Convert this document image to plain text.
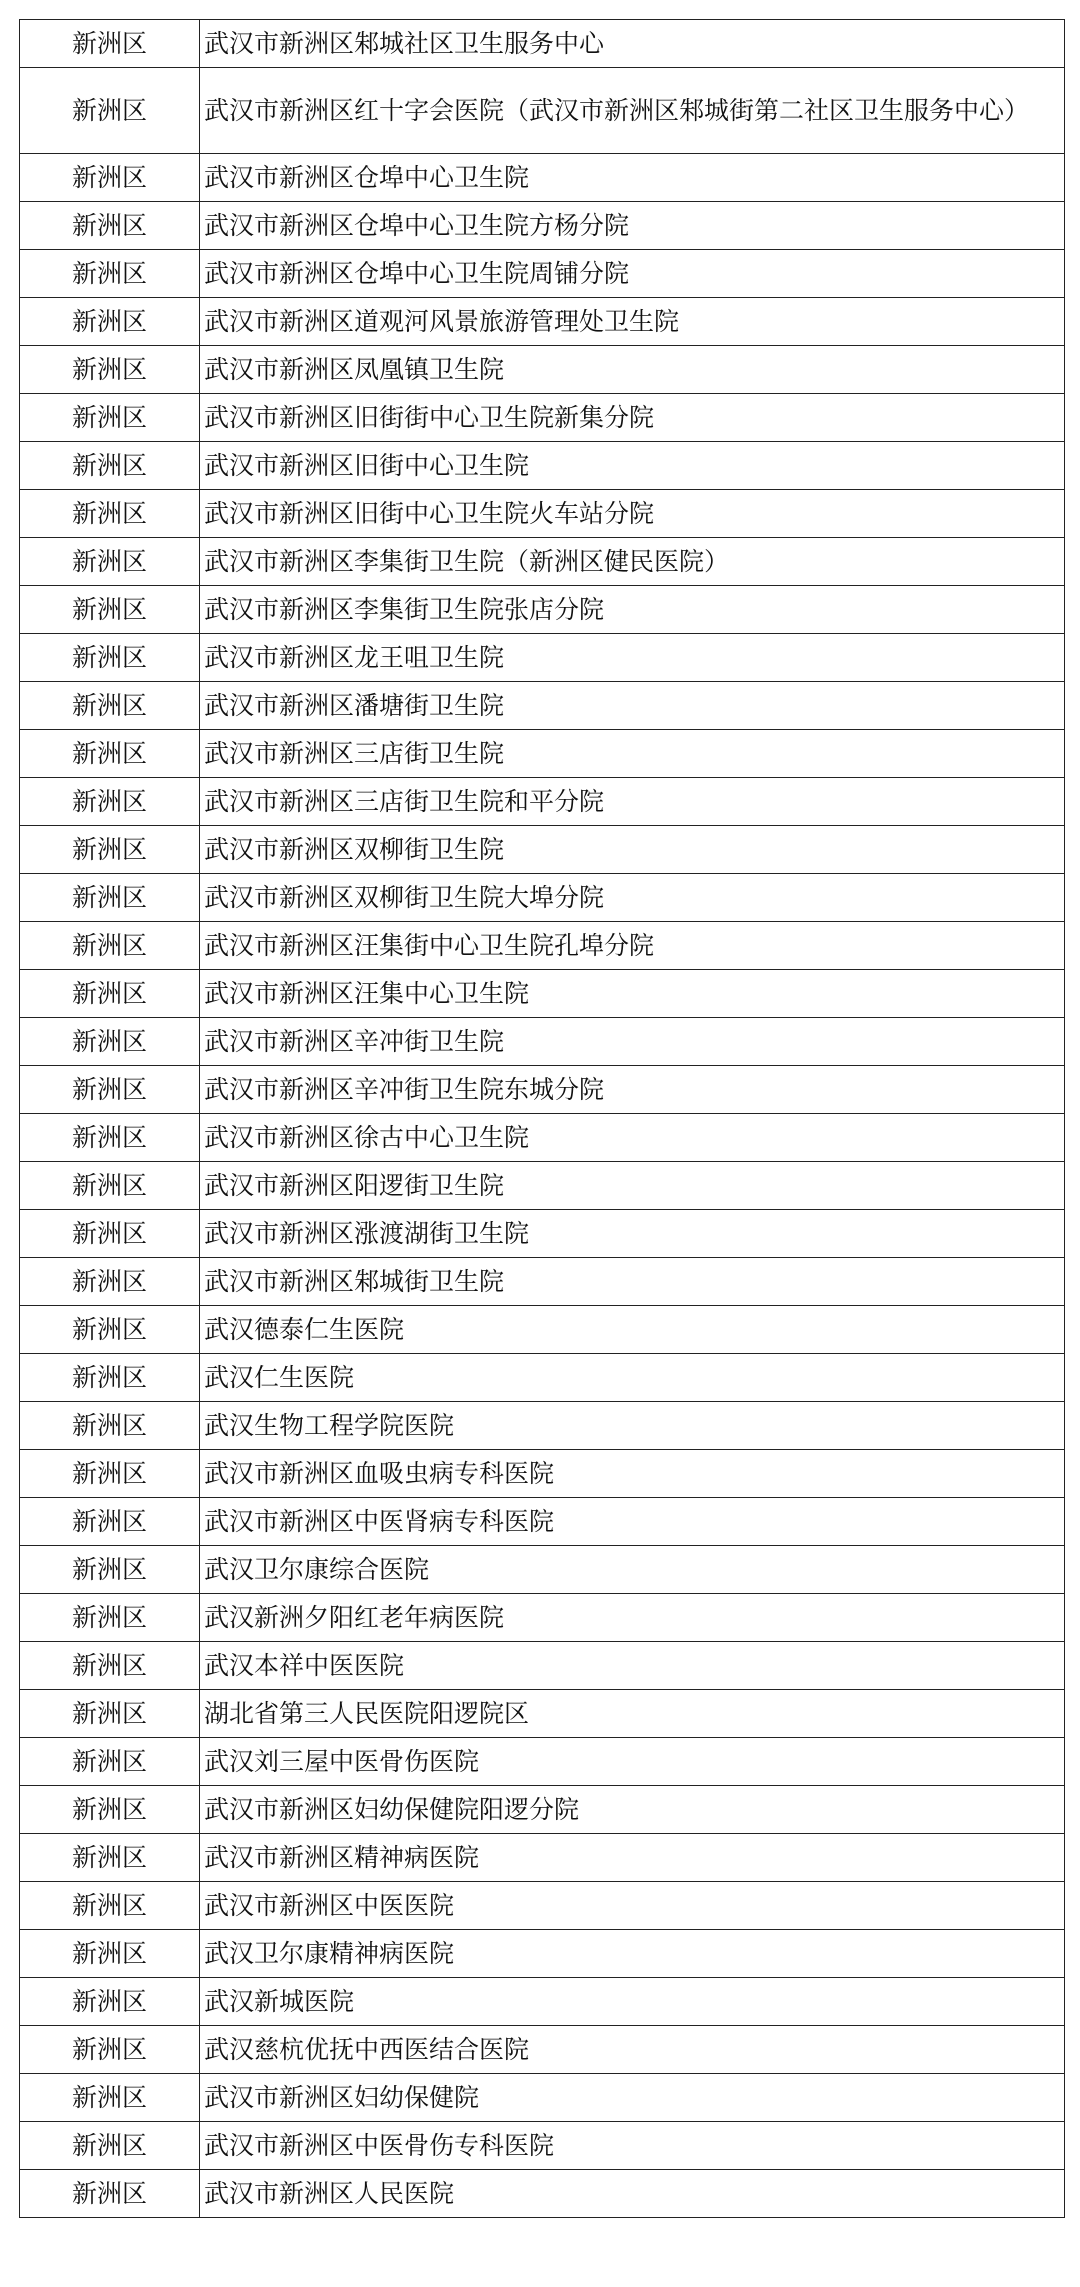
新洲区	武汉市新洲区邾城社区卫生服务中心
新洲区	武汉市新洲区红十字会医院（武汉市新洲区邾城街第二社区卫生服务中心）
新洲区	武汉市新洲区仓埠中心卫生院
新洲区	武汉市新洲区仓埠中心卫生院方杨分院
新洲区	武汉市新洲区仓埠中心卫生院周铺分院
新洲区	武汉市新洲区道观河风景旅游管理处卫生院
新洲区	武汉市新洲区凤凰镇卫生院
新洲区	武汉市新洲区旧街街中心卫生院新集分院
新洲区	武汉市新洲区旧街中心卫生院
新洲区	武汉市新洲区旧街中心卫生院火车站分院
新洲区	武汉市新洲区李集街卫生院（新洲区健民医院）
新洲区	武汉市新洲区李集街卫生院张店分院
新洲区	武汉市新洲区龙王咀卫生院
新洲区	武汉市新洲区潘塘街卫生院
新洲区	武汉市新洲区三店街卫生院
新洲区	武汉市新洲区三店街卫生院和平分院
新洲区	武汉市新洲区双柳街卫生院
新洲区	武汉市新洲区双柳街卫生院大埠分院
新洲区	武汉市新洲区汪集街中心卫生院孔埠分院
新洲区	武汉市新洲区汪集中心卫生院
新洲区	武汉市新洲区辛冲街卫生院
新洲区	武汉市新洲区辛冲街卫生院东城分院
新洲区	武汉市新洲区徐古中心卫生院
新洲区	武汉市新洲区阳逻街卫生院
新洲区	武汉市新洲区涨渡湖街卫生院
新洲区	武汉市新洲区邾城街卫生院
新洲区	武汉德泰仁生医院
新洲区	武汉仁生医院
新洲区	武汉生物工程学院医院
新洲区	武汉市新洲区血吸虫病专科医院
新洲区	武汉市新洲区中医肾病专科医院
新洲区	武汉卫尔康综合医院
新洲区	武汉新洲夕阳红老年病医院
新洲区	武汉本祥中医医院
新洲区	湖北省第三人民医院阳逻院区
新洲区	武汉刘三屋中医骨伤医院
新洲区	武汉市新洲区妇幼保健院阳逻分院
新洲区	武汉市新洲区精神病医院
新洲区	武汉市新洲区中医医院
新洲区	武汉卫尔康精神病医院
新洲区	武汉新城医院
新洲区	武汉慈杭优抚中西医结合医院
新洲区	武汉市新洲区妇幼保健院
新洲区	武汉市新洲区中医骨伤专科医院
新洲区	武汉市新洲区人民医院
